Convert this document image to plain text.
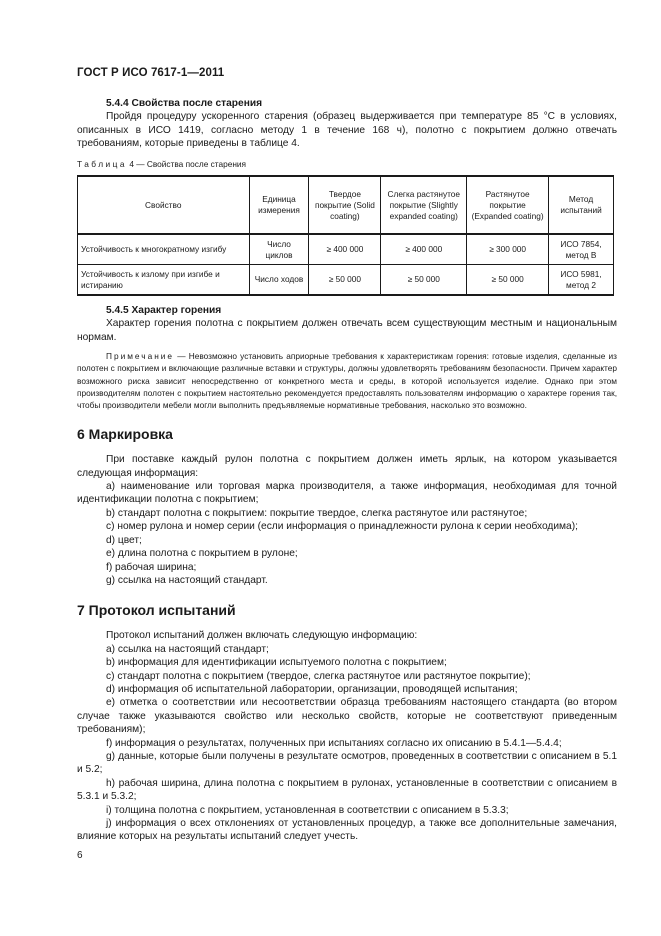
ГОСТ Р ИСО 7617-1—2011

5.4.4 Свойства после старения

Пройдя процедуру ускоренного старения (образец выдерживается при температуре 85 °С в условиях, описанных в ИСО 1419, согласно методу 1 в течение 168 ч), полотно с покрытием должно отвечать требованиям, которые приведены в таблице 4.

Таблица 4 — Свойства после старения
Свойство	Единица измерения	Твердое покрытие (Solid coating)	Слегка растянутое покрытие (Slightly expanded coating)	Растянутое покрытие (Expanded coating)	Метод испытаний
Устойчивость к многократному изгибу	Число циклов	≥ 400 000	≥ 400 000	≥ 300 000	ИСО 7854, метод В
Устойчивость к излому при изгибе и истиранию	Число ходов	≥ 50 000	≥ 50 000	≥ 50 000	ИСО 5981, метод 2

5.4.5 Характер горения

Характер горения полотна с покрытием должен отвечать всем существующим местным и национальным нормам.

Примечание — Невозможно установить априорные требования к характеристикам горения: готовые изделия, сделанные из полотен с покрытием и включающие различные вставки и структуры, должны удовлетворять требованиям безопасности. Причем характер возможного риска зависит непосредственно от конкретного места и среды, в которой используется изделие. Однако при этом производителям полотен с покрытием настоятельно рекомендуется предоставлять пользователям информацию о характере горения так, чтобы производители мебели могли выполнить предъявляемые нормативные требования, насколько это возможно.

6 Маркировка

При поставке каждый рулон полотна с покрытием должен иметь ярлык, на котором указывается следующая информация:

a) наименование или торговая марка производителя, а также информация, необходимая для точной идентификации полотна с покрытием;

b) стандарт полотна с покрытием: покрытие твердое, слегка растянутое или растянутое;

c) номер рулона и номер серии (если информация о принадлежности рулона к серии необходима);

d) цвет;

e) длина полотна с покрытием в рулоне;

f) рабочая ширина;

g) ссылка на настоящий стандарт.

7 Протокол испытаний

Протокол испытаний должен включать следующую информацию:

a) ссылка на настоящий стандарт;

b) информация для идентификации испытуемого полотна с покрытием;

c) стандарт полотна с покрытием (твердое, слегка растянутое или растянутое покрытие);

d) информация об испытательной лаборатории, организации, проводящей испытания;

e) отметка о соответствии или несоответствии образца требованиям настоящего стандарта (во втором случае также указываются свойство или несколько свойств, которые не соответствуют приведенным требованиям);

f) информация о результатах, полученных при испытаниях согласно их описанию в 5.4.1—5.4.4;

g) данные, которые были получены в результате осмотров, проведенных в соответствии с описанием в 5.1 и 5.2;

h) рабочая ширина, длина полотна с покрытием в рулонах, установленные в соответствии с описанием в 5.3.1 и 5.3.2;

i) толщина полотна с покрытием, установленная в соответствии с описанием в 5.3.3;

j) информация о всех отклонениях от установленных процедур, а также все дополнительные замечания, влияние которых на результаты испытаний следует учесть.

6
